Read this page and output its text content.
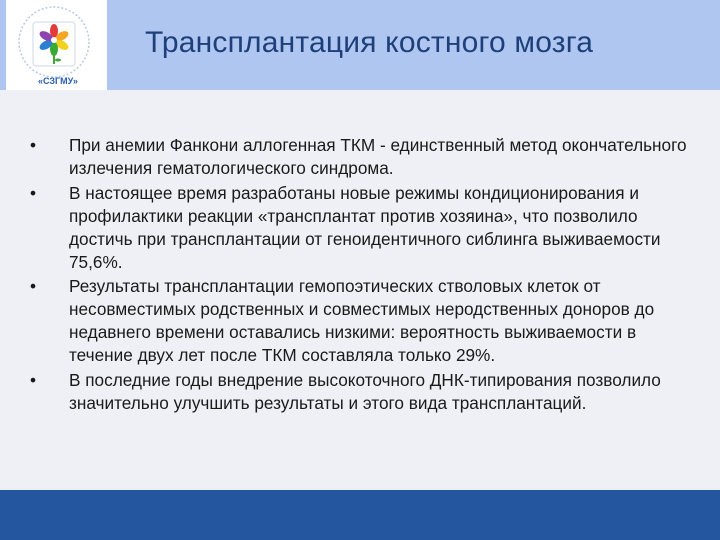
«СЗГМУ»
Трансплантация костного мозга
•	При анемии Фанкони аллогенная ТКМ - единственный метод окончательного излечения гематологического синдрома.
•	В настоящее время разработаны новые режимы кондиционирования и профилактики реакции «трансплантат против хозяина», что позволило достичь при трансплантации от геноидентичного сиблинга выживаемости 75,6%.
•	Результаты трансплантации гемопоэтических стволовых клеток от несовместимых родственных и совместимых неродственных доноров до недавнего времени оставались низкими: вероятность выживаемости в течение двух лет после ТКМ составляла только 29%.
•	В последние годы внедрение высокоточного ДНК-типирования позволило значительно улучшить результаты и этого вида трансплантаций.
